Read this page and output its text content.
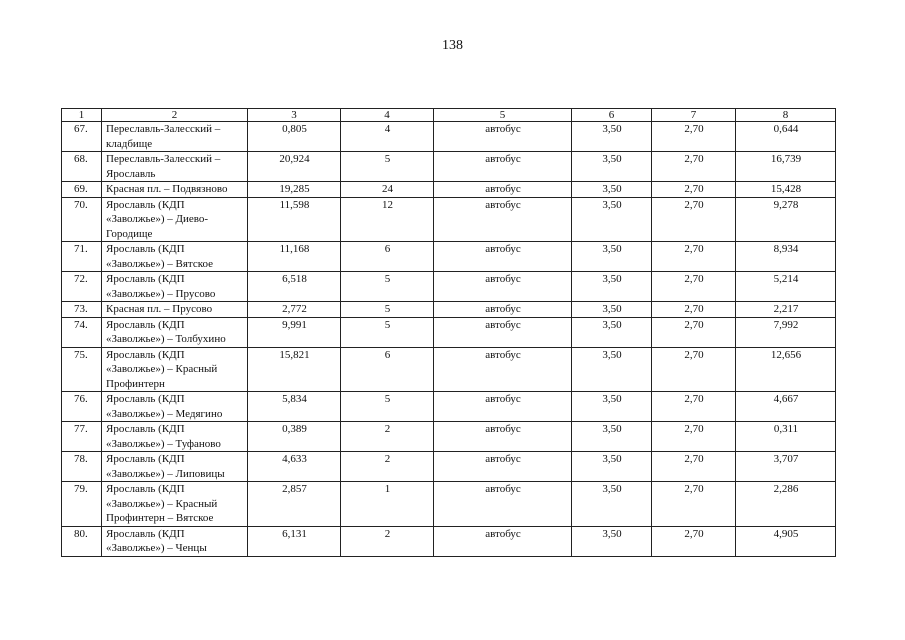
138
1	2	3	4	5	6	7	8
67.	Переславль-Залесский – кладбище	0,805	4	автобус	3,50	2,70	0,644
68.	Переславль-Залесский – Ярославль	20,924	5	автобус	3,50	2,70	16,739
69.	Красная пл. – Подвязново	19,285	24	автобус	3,50	2,70	15,428
70.	Ярославль (КДП «Заволжье») – Диево-Городище	11,598	12	автобус	3,50	2,70	9,278
71.	Ярославль (КДП «Заволжье») – Вятское	11,168	6	автобус	3,50	2,70	8,934
72.	Ярославль (КДП «Заволжье») – Прусово	6,518	5	автобус	3,50	2,70	5,214
73.	Красная пл. – Прусово	2,772	5	автобус	3,50	2,70	2,217
74.	Ярославль (КДП «Заволжье») – Толбухино	9,991	5	автобус	3,50	2,70	7,992
75.	Ярославль (КДП «Заволжье») – Красный Профинтерн	15,821	6	автобус	3,50	2,70	12,656
76.	Ярославль (КДП «Заволжье») – Медягино	5,834	5	автобус	3,50	2,70	4,667
77.	Ярославль (КДП «Заволжье») – Туфаново	0,389	2	автобус	3,50	2,70	0,311
78.	Ярославль (КДП «Заволжье») – Липовицы	4,633	2	автобус	3,50	2,70	3,707
79.	Ярославль (КДП «Заволжье») – Красный Профинтерн – Вятское	2,857	1	автобус	3,50	2,70	2,286
80.	Ярославль (КДП «Заволжье») – Ченцы	6,131	2	автобус	3,50	2,70	4,905
